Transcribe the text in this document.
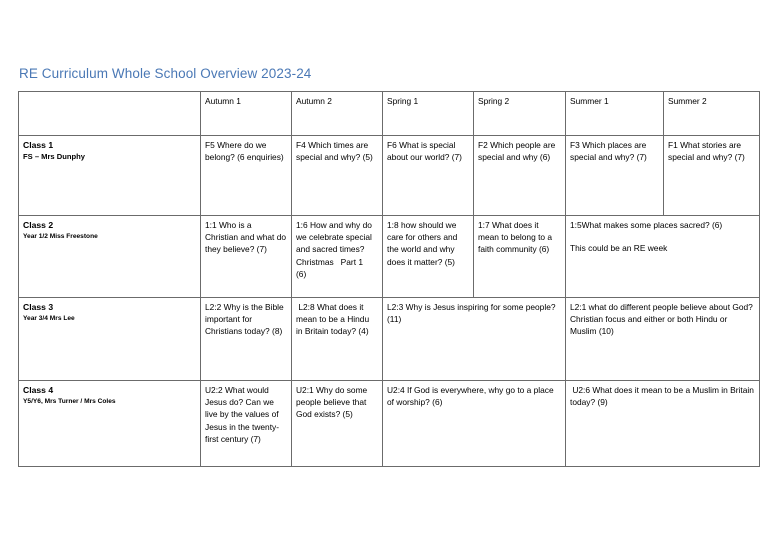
RE Curriculum Whole School Overview 2023-24
	Autumn 1	Autumn 2	Spring 1	Spring 2	Summer 1	Summer 2

Class 1
FS – Mrs Dunphy	F5 Where do we belong? (6 enquiries)	F4 Which times are special and why? (5)	F6 What is special about our world? (7)	F2 Which people are special and why (6)	F3 Which places are special and why? (7)	F1 What stories are special and why? (7)

Class 2
Year 1/2 Miss Freestone	1:1 Who is a Christian and what do they believe? (7)	1:6 How and why do we celebrate special and sacred times?
Christmas   Part 1
(6)	1:8 how should we care for others and the world and why does it matter? (5)	1:7 What does it mean to belong to a faith community (6)	1:5What makes some places sacred? (6)
This could be an RE week	

Class 3
Year 3/4 Mrs Lee	L2:2 Why is the Bible important for Christians today? (8)	L2:8 What does it mean to be a Hindu in Britain today? (4)	L2:3 Why is Jesus inspiring for some people? (11)		L2:1 what do different people believe about God?
Christian focus and either or both Hindu or Muslim (10)	

Class 4
Y5/Y6, Mrs Turner / Mrs Coles	U2:2 What would Jesus do? Can we live by the values of Jesus in the twenty-first century (7)	U2:1 Why do some people believe that God exists? (5)	U2:4 If God is everywhere, why go to a place of worship? (6)		U2:6 What does it mean to be a Muslim in Britain today? (9)	
